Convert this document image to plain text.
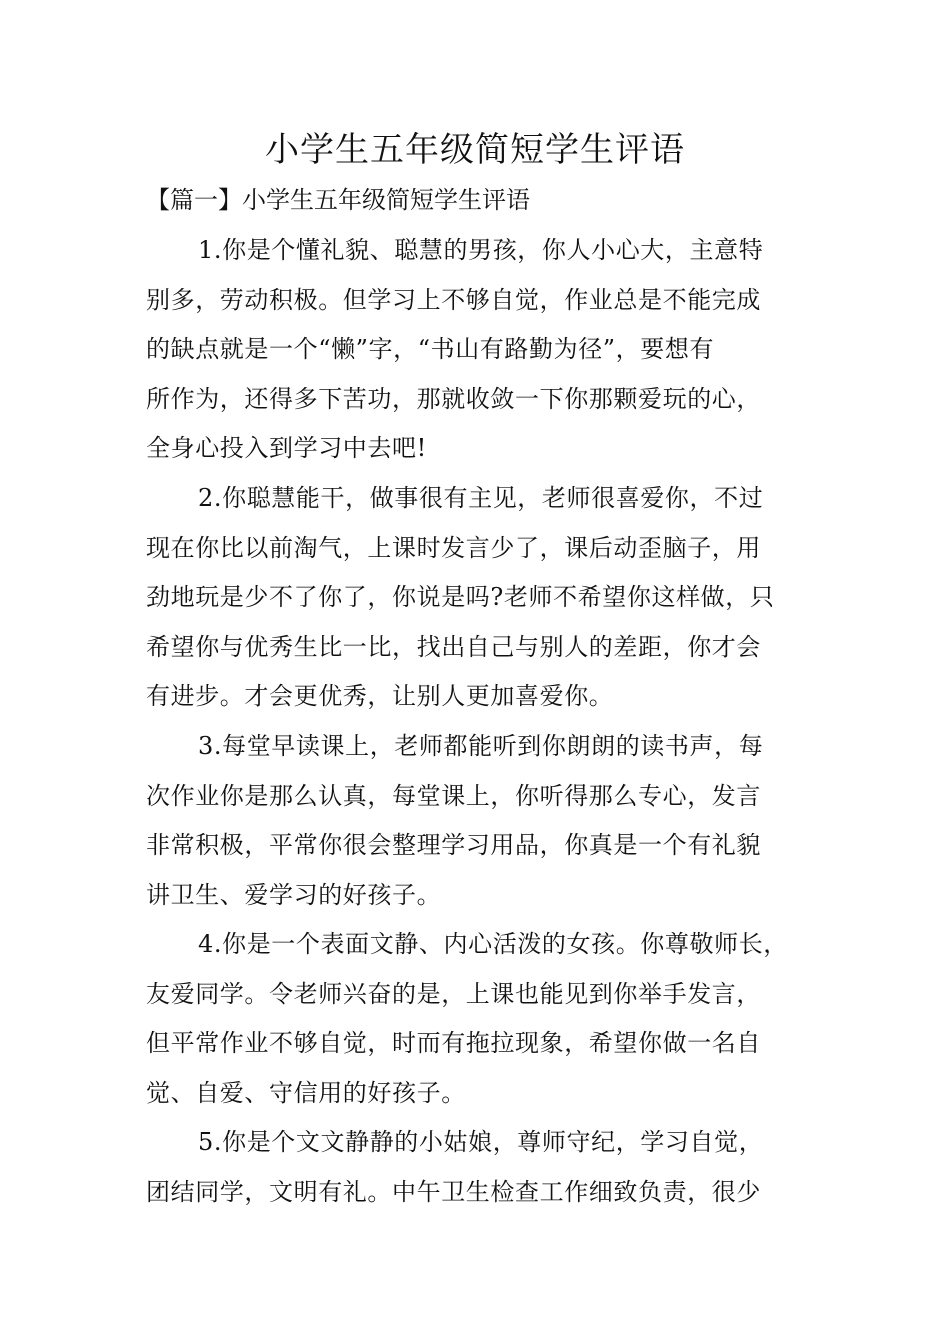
小学生五年级简短学生评语

【篇一】小学生五年级简短学生评语

1.你是个懂礼貌、聪慧的男孩，你人小心大，主意特

别多，劳动积极。但学习上不够自觉，作业总是不能完成

的缺点就是一个“懒”字，“书山有路勤为径”，要想有

所作为，还得多下苦功，那就收敛一下你那颗爱玩的心，

全身心投入到学习中去吧!

2.你聪慧能干，做事很有主见，老师很喜爱你，不过

现在你比以前淘气，上课时发言少了，课后动歪脑子，用

劲地玩是少不了你了，你说是吗?老师不希望你这样做，只

希望你与优秀生比一比，找出自己与别人的差距，你才会

有进步。才会更优秀，让别人更加喜爱你。

3.每堂早读课上，老师都能听到你朗朗的读书声，每

次作业你是那么认真，每堂课上，你听得那么专心，发言

非常积极，平常你很会整理学习用品，你真是一个有礼貌

讲卫生、爱学习的好孩子。

4.你是一个表面文静、内心活泼的女孩。你尊敬师长，

友爱同学。令老师兴奋的是，上课也能见到你举手发言，

但平常作业不够自觉，时而有拖拉现象，希望你做一名自

觉、自爱、守信用的好孩子。

5.你是个文文静静的小姑娘，尊师守纪，学习自觉，

团结同学，文明有礼。中午卫生检查工作细致负责，很少
